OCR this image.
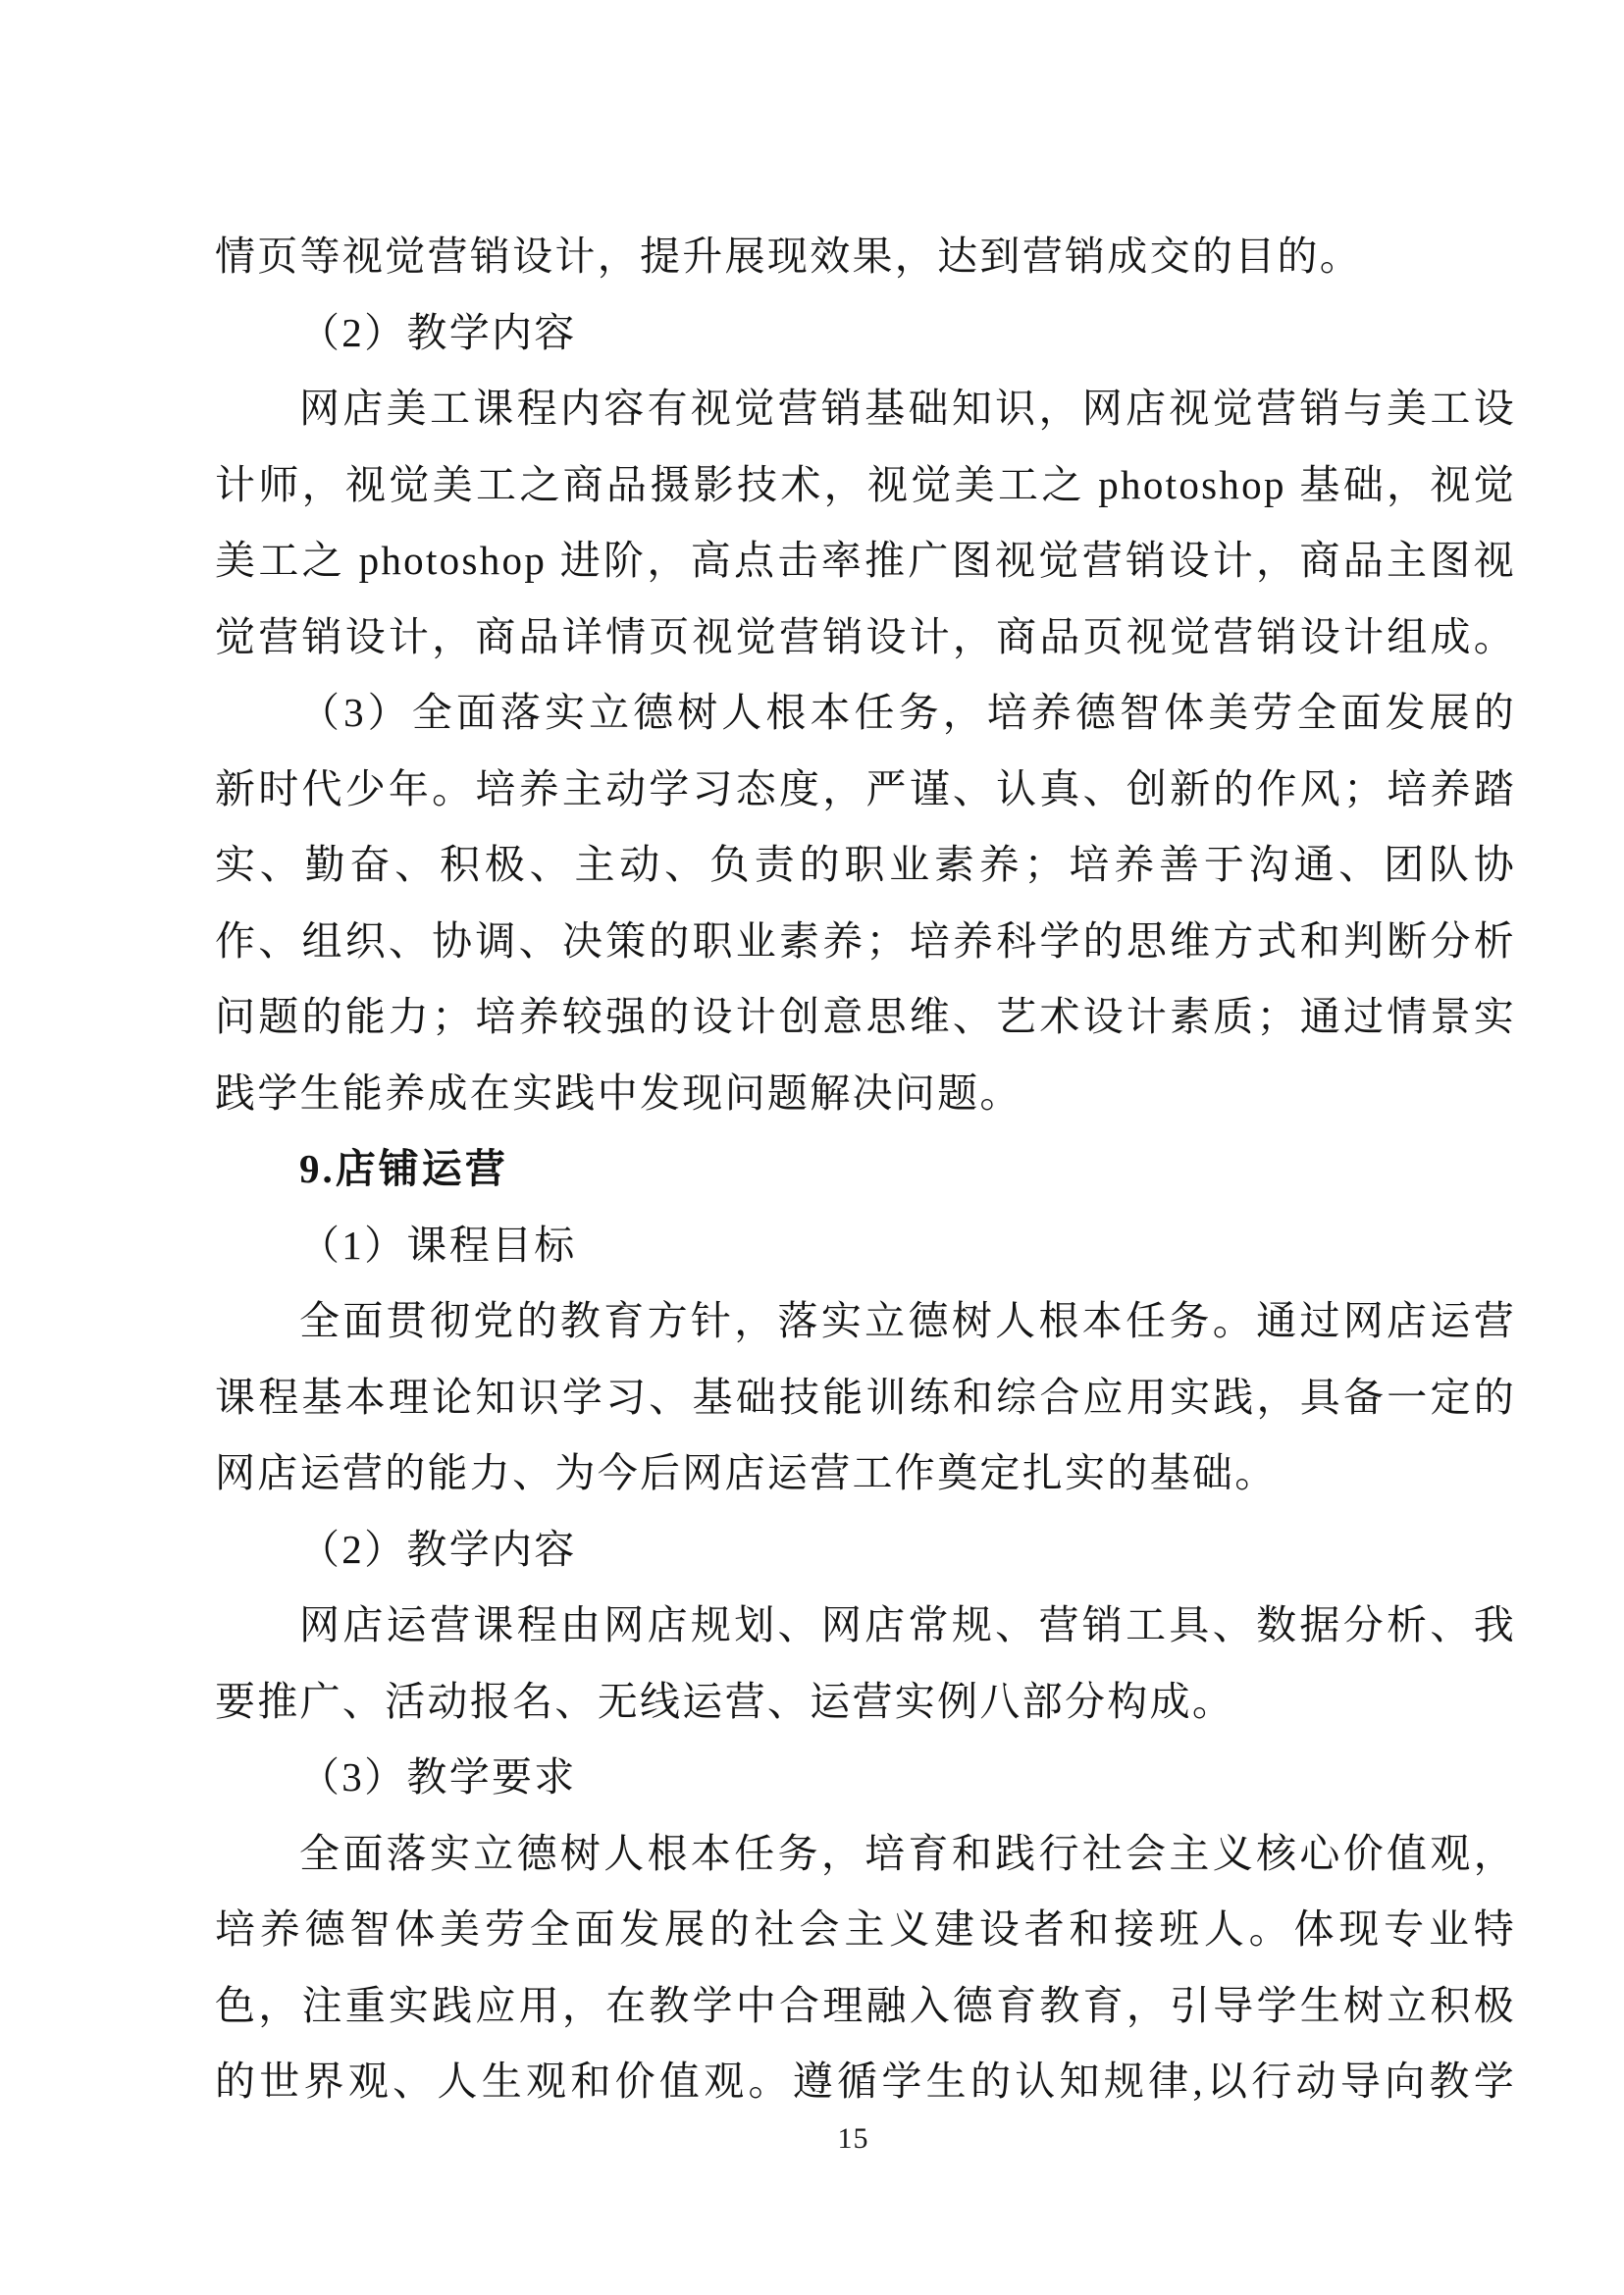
情页等视觉营销设计，提升展现效果，达到营销成交的目的。
（2）教学内容
网店美工课程内容有视觉营销基础知识，网店视觉营销与美工设
计师，视觉美工之商品摄影技术，视觉美工之 photoshop 基础，视觉
美工之 photoshop 进阶，高点击率推广图视觉营销设计，商品主图视
觉营销设计，商品详情页视觉营销设计，商品页视觉营销设计组成。
（3）全面落实立德树人根本任务，培养德智体美劳全面发展的
新时代少年。培养主动学习态度，严谨、认真、创新的作风；培养踏
实、勤奋、积极、主动、负责的职业素养；培养善于沟通、团队协
作、组织、协调、决策的职业素养；培养科学的思维方式和判断分析
问题的能力；培养较强的设计创意思维、艺术设计素质；通过情景实
践学生能养成在实践中发现问题解决问题。
9.店铺运营
（1）课程目标
全面贯彻党的教育方针，落实立德树人根本任务。通过网店运营
课程基本理论知识学习、基础技能训练和综合应用实践，具备一定的
网店运营的能力、为今后网店运营工作奠定扎实的基础。
（2）教学内容
网店运营课程由网店规划、网店常规、营销工具、数据分析、我
要推广、活动报名、无线运营、运营实例八部分构成。
（3）教学要求
全面落实立德树人根本任务，培育和践行社会主义核心价值观，
培养德智体美劳全面发展的社会主义建设者和接班人。体现专业特
色，注重实践应用，在教学中合理融入德育教育，引导学生树立积极
的世界观、人生观和价值观。遵循学生的认知规律,以行动导向教学
15
